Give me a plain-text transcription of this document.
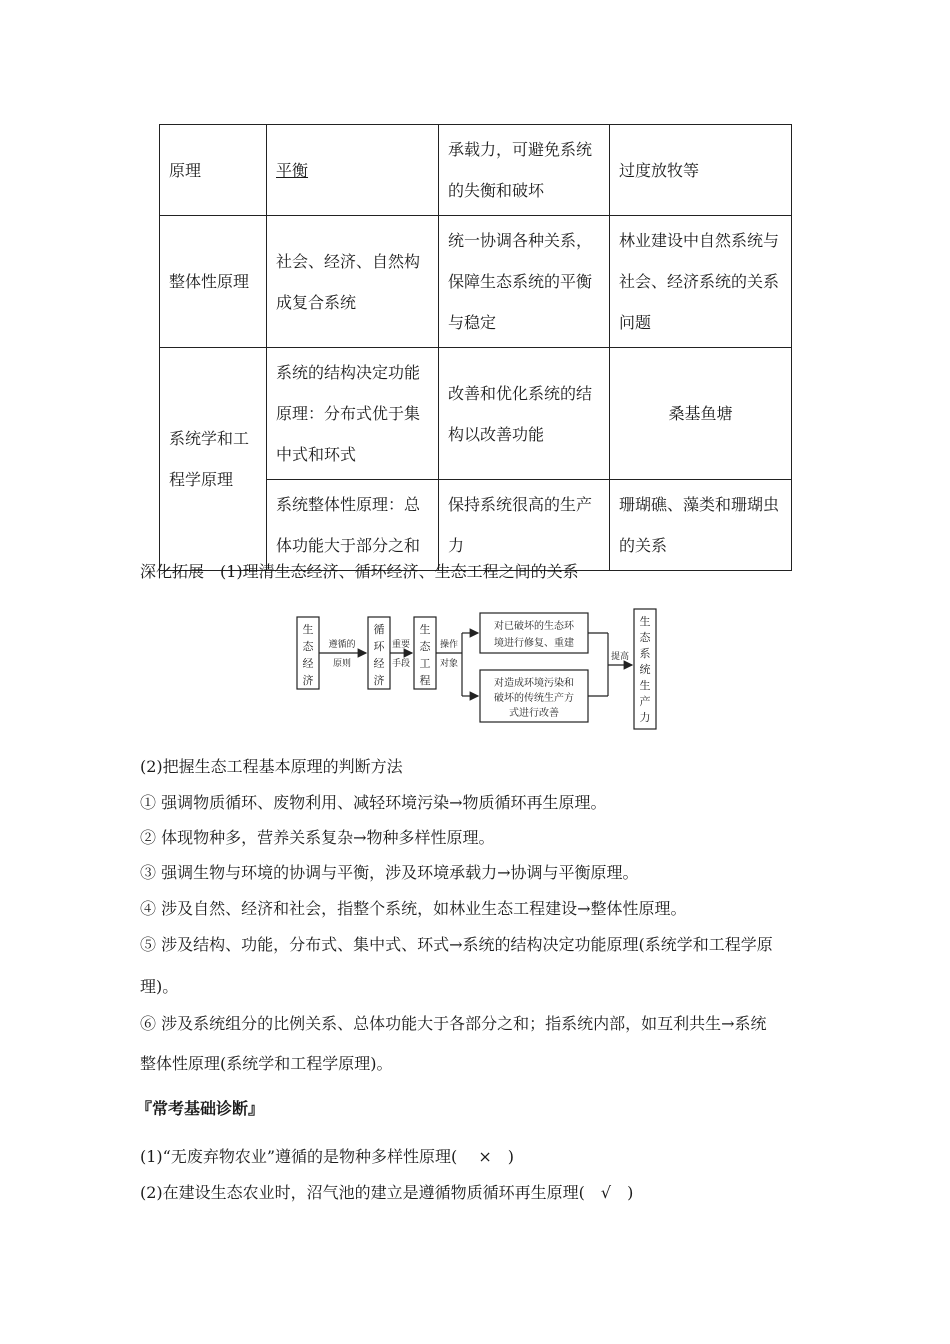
原理	平衡	承载力，可避免系统的失衡和破坏	过度放牧等
整体性原理	社会、经济、自然构成复合系统	统一协调各种关系，保障生态系统的平衡与稳定	林业建设中自然系统与社会、经济系统的关系问题
系统学和工程学原理	系统的结构决定功能原理：分布式优于集中式和环式	改善和优化系统的结构以改善功能	桑基鱼塘
	系统整体性原理：总体功能大于部分之和	保持系统很高的生产力	珊瑚礁、藻类和珊瑚虫的关系
深化拓展　(1)理清生态经济、循环经济、生态工程之间的关系
生
态
经
济
遵循的
原则
循
环
经
济
重要
手段
生
态
工
程
操作
对象
对已破坏的生态环
境进行修复、重建
对造成环境污染和
破坏的传统生产方
式进行改善
提高
生
态
系
统
生
产
力
(2)把握生态工程基本原理的判断方法
① 强调物质循环、废物利用、减轻环境污染→物质循环再生原理。
② 体现物种多，营养关系复杂→物种多样性原理。
③ 强调生物与环境的协调与平衡，涉及环境承载力→协调与平衡原理。
④ 涉及自然、经济和社会，指整个系统，如林业生态工程建设→整体性原理。
⑤ 涉及结构、功能，分布式、集中式、环式→系统的结构决定功能原理(系统学和工程学原
理)。
⑥ 涉及系统组分的比例关系、总体功能大于各部分之和；指系统内部，如互利共生→系统
整体性原理(系统学和工程学原理)。
『常考基础诊断』
(1)“无废弃物农业”遵循的是物种多样性原理(　 ×　)
(2)在建设生态农业时，沼气池的建立是遵循物质循环再生原理(　√　)
